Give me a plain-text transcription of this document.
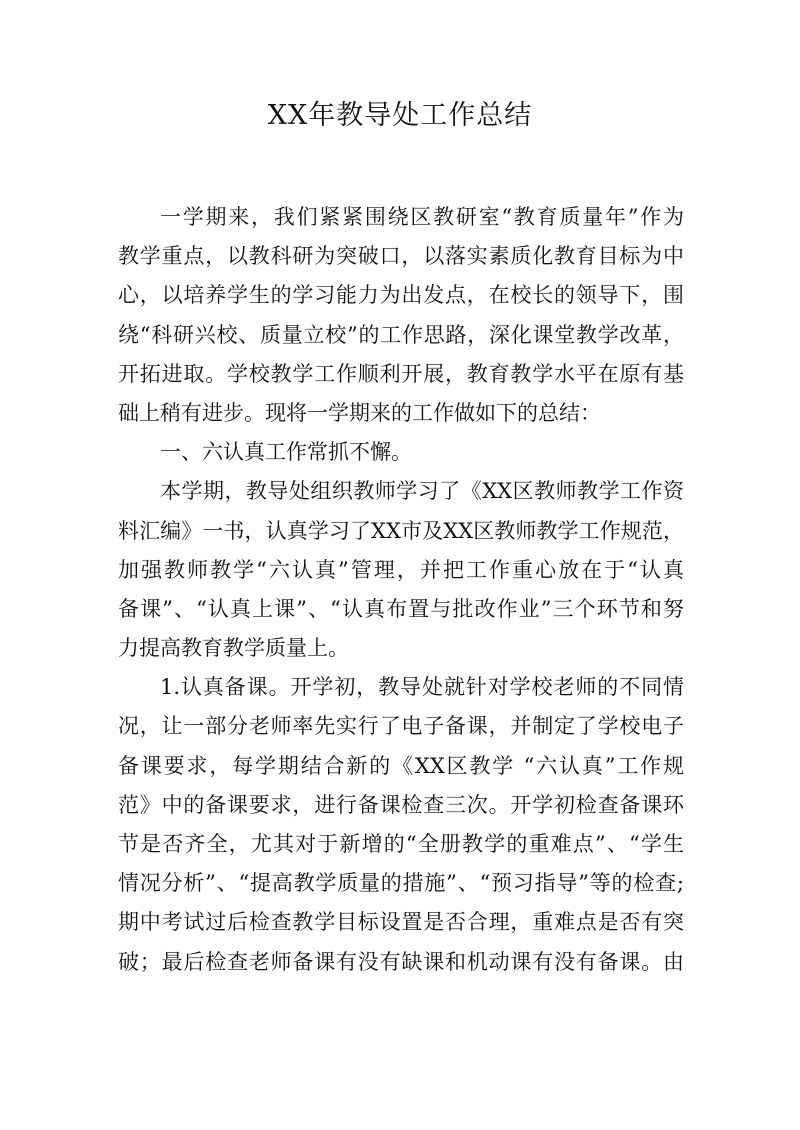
XX年教导处工作总结
一学期来，我们紧紧围绕区教研室“教育质量年”作为
教学重点，以教科研为突破口，以落实素质化教育目标为中
心，以培养学生的学习能力为出发点，在校长的领导下，围
绕“科研兴校、质量立校”的工作思路，深化课堂教学改革，
开拓进取。学校教学工作顺利开展，教育教学水平在原有基
础上稍有进步。现将一学期来的工作做如下的总结：
一、六认真工作常抓不懈。
本学期，教导处组织教师学习了《XX区教师教学工作资
料汇编》一书，认真学习了XX市及XX区教师教学工作规范，
加强教师教学“六认真”管理，并把工作重心放在于“认真
备课”、“认真上课”、“认真布置与批改作业”三个环节和努
力提高教育教学质量上。
1.认真备课。开学初，教导处就针对学校老师的不同情
况，让一部分老师率先实行了电子备课，并制定了学校电子
备课要求，每学期结合新的《XX区教学 “六认真”工作规
范》中的备课要求，进行备课检查三次。开学初检查备课环
节是否齐全，尤其对于新增的“全册教学的重难点”、“学生
情况分析”、“提高教学质量的措施”、“预习指导”等的检查;
期中考试过后检查教学目标设置是否合理，重难点是否有突
破；最后检查老师备课有没有缺课和机动课有没有备课。由
